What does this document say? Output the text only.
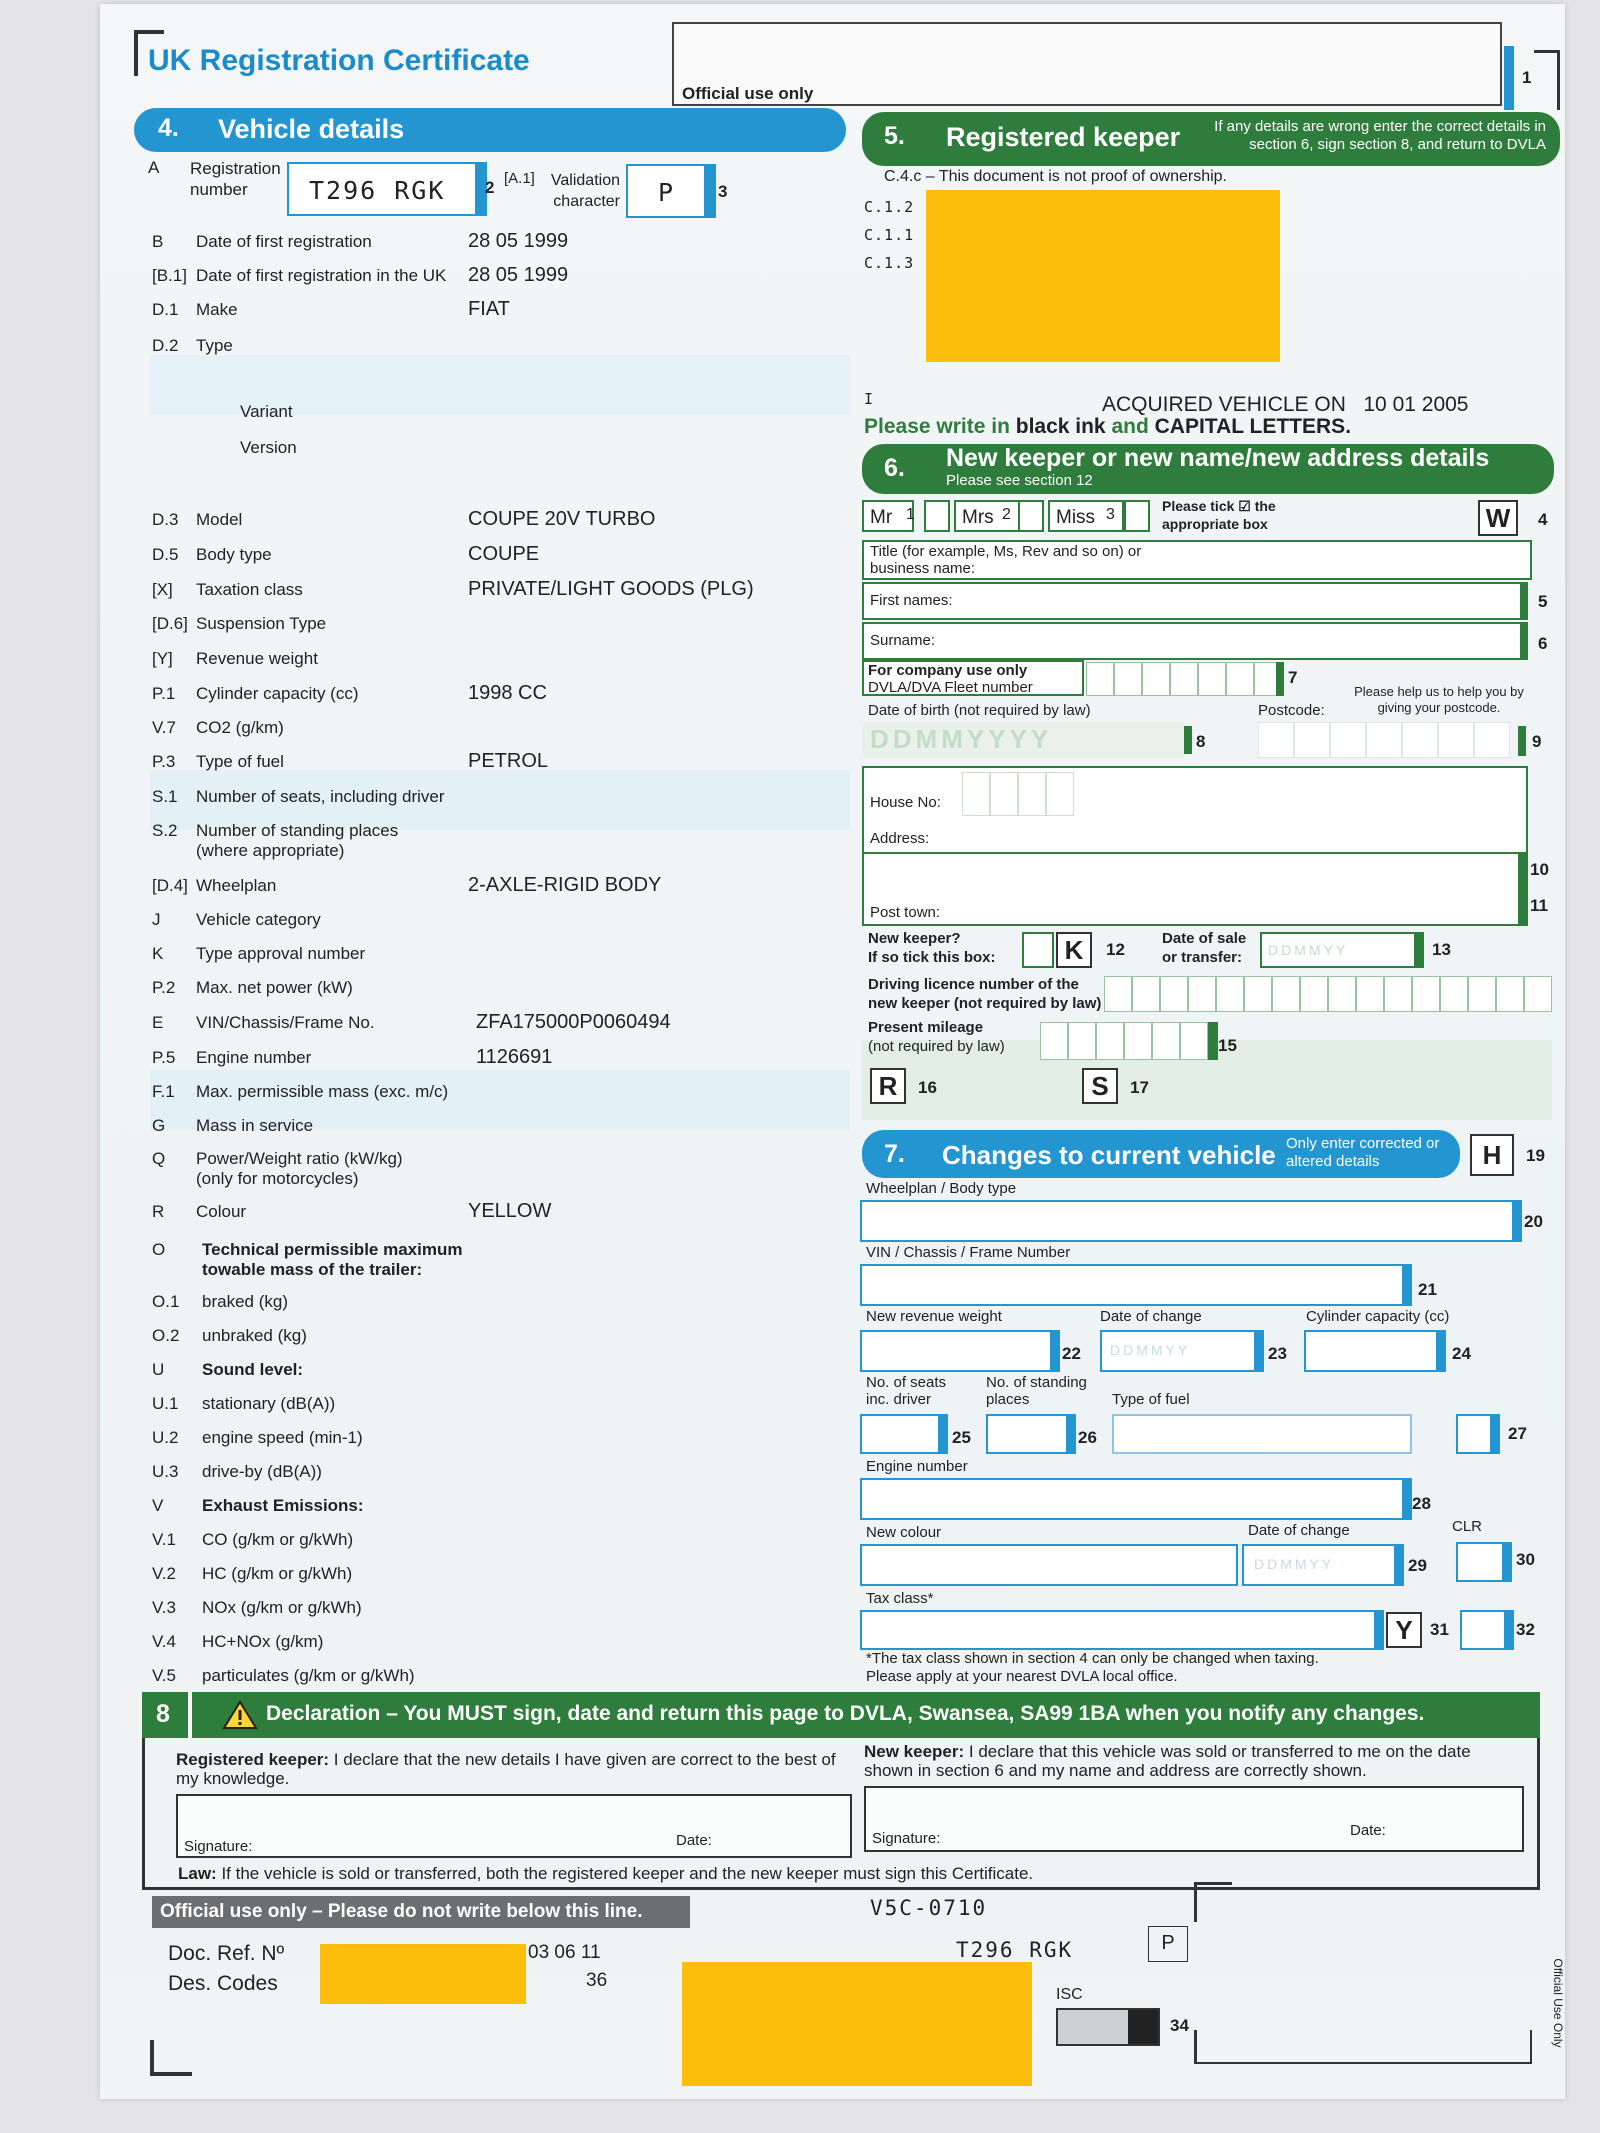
UK Registration Certificate
Official use only
1
4. Vehicle details
A Registration number	T296 RGK 2 [A.1]	Validation character P	3
B Date of first registration	28 05 1999
[B.1] Date of first registration in the UK 28 05 1999
D.1 Make	FIAT
D.2 Type
Variant
Version
D.3 Model	COUPE 20V TURBO
D.5 Body type	COUPE
[X] Taxation class	PRIVATE/LIGHT GOODS (PLG)
[D.6] Suspension Type
[Y] Revenue weight
P.1 Cylinder capacity (cc)	1998 CC
V.7 CO2 (g/km)
P.3 Type of fuel	PETROL
S.1 Number of seats, including driver
S.2 Number of standing places
(where appropriate)
[D.4] Wheelplan	2-AXLE-RIGID BODY
J Vehicle category
K Type approval number
P.2 Max. net power (kW)
E VIN/Chassis/Frame No.	ZFA175000P0060494
P.5 Engine number	1126691
F.1 Max. permissible mass (exc. m/c)
G Mass in service
Q Power/Weight ratio (kW/kg)
(only for motorcycles)
R Colour	YELLOW
O Technical permissible maximum
towable mass of the trailer:
O.1 braked (kg)
O.2 unbraked (kg)
U Sound level:
U.1 stationary (dB(A))
U.2 engine speed (min-1)
U.3 drive-by (dB(A))
V Exhaust Emissions:
V.1 CO (g/km or g/kWh)
V.2 HC (g/km or g/kWh)
V.3 NOx (g/km or g/kWh)
V.4 HC+NOx (g/km)
V.5 particulates (g/km or g/kWh)
5. Registered keeper	If any details are wrong enter the correct details in section 6, sign section 8, and return to DVLA
C.4.c – This document is not proof of ownership.
C.1.2
C.1.1
C.1.3
I	ACQUIRED VEHICLE ON   10 01 2005
Please write in black ink and CAPITAL LETTERS.
6. New keeper or new name/new address details
Please see section 12
Mr 1 Mrs 2 Miss 3	Please tick ☑ the appropriate box	W	4
Title (for example, Ms, Rev and so on) or business name:
First names:	5
Surname:	6
For company use only
DVLA/DVA Fleet number
7
Please help us to help you by giving your postcode.
Date of birth (not required by law)
DDMMYYYY	8
Postcode:
9
House No:
Address:
Post town:
10
11
New keeper?
If so tick this box:	K	12
Date of sale
or transfer: DDMMYY	13
Driving licence number of the
new keeper (not required by law)
Present mileage
(not required by law)	15
R	16	S	17
7. Changes to current vehicle Only enter corrected or altered details	H	19
Wheelplan / Body type
20
VIN / Chassis / Frame Number
21
New revenue weight
22
Date of change
DDMMYY	23
Cylinder capacity (cc)
24
No. of seats
inc. driver
25
No. of standing
places
26
Type of fuel
27
Engine number
28
New colour	Date of change
DDMMYY	29
CLR
30
Tax class*
Y	31	32
*The tax class shown in section 4 can only be changed when taxing.
Please apply at your nearest DVLA local office.
8	Declaration – You MUST sign, date and return this page to DVLA, Swansea, SA99 1BA when you notify any changes.
Registered keeper: I declare that the new details I have given are correct to the best of my knowledge.
New keeper: I declare that this vehicle was sold or transferred to me on the date shown in section 6 and my name and address are correctly shown.
Signature:	Date:	Signature:	Date:
Law: If the vehicle is sold or transferred, both the registered keeper and the new keeper must sign this Certificate.
Official use only – Please do not write below this line.	V5C-0710
Doc. Ref. Nº
Des. Codes
03 06 11
36
T296 RGK	P
ISC
34	Official Use Only
